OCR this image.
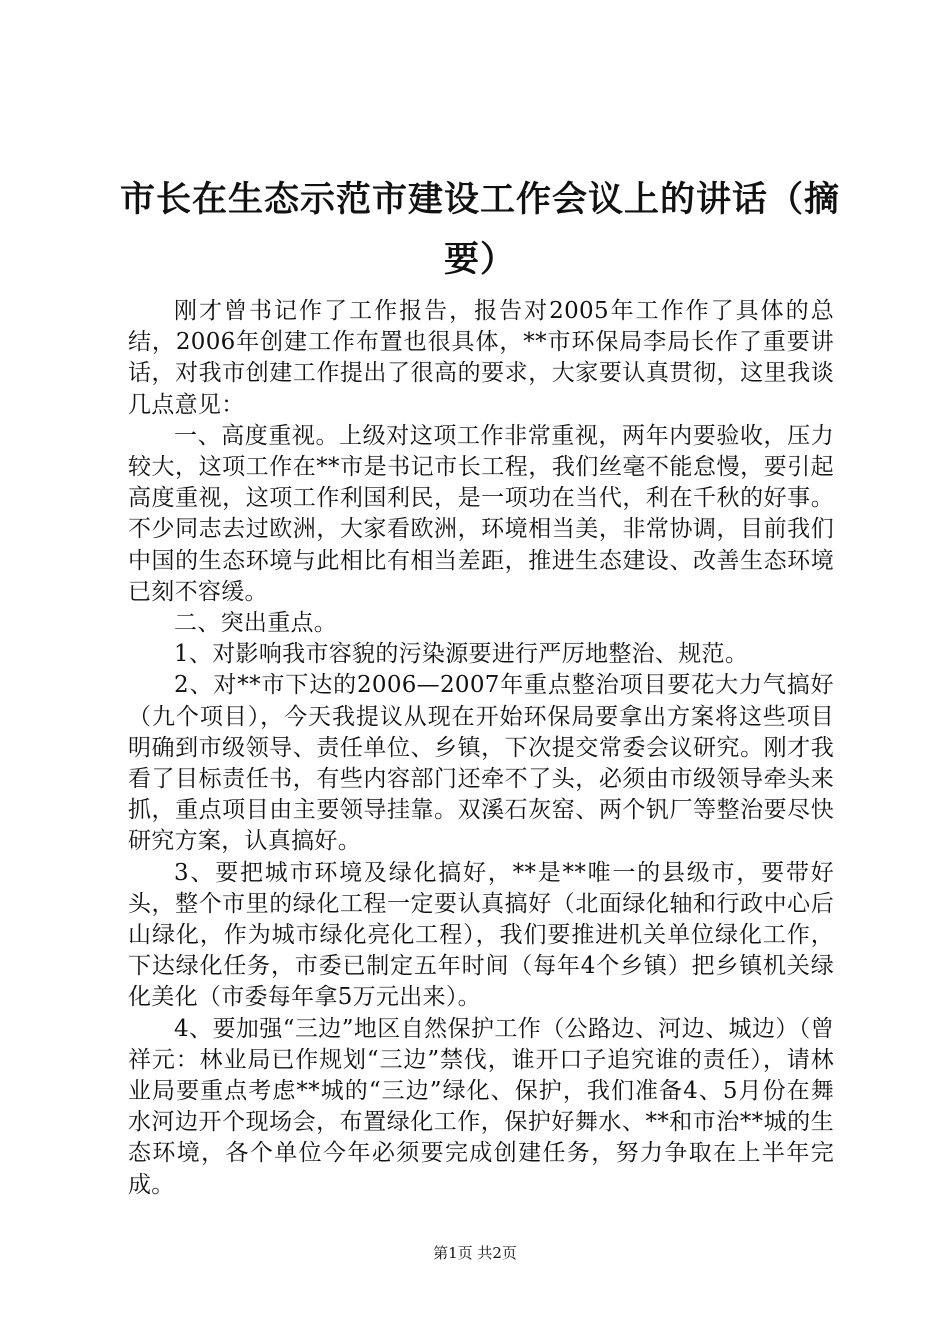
市长在生态示范市建设工作会议上的讲话（摘要）

刚才曾书记作了工作报告，报告对2005年工作作了具体的总结，2006年创建工作布置也很具体，**市环保局李局长作了重要讲话，对我市创建工作提出了很高的要求，大家要认真贯彻，这里我谈几点意见：

一、高度重视。上级对这项工作非常重视，两年内要验收，压力较大，这项工作在**市是书记市长工程，我们丝毫不能怠慢，要引起高度重视，这项工作利国利民，是一项功在当代，利在千秋的好事。不少同志去过欧洲，大家看欧洲，环境相当美，非常协调，目前我们中国的生态环境与此相比有相当差距，推进生态建设、改善生态环境已刻不容缓。

二、突出重点。

1、对影响我市容貌的污染源要进行严厉地整治、规范。

2、对**市下达的2006—2007年重点整治项目要花大力气搞好（九个项目），今天我提议从现在开始环保局要拿出方案将这些项目明确到市级领导、责任单位、乡镇，下次提交常委会议研究。刚才我看了目标责任书，有些内容部门还牵不了头，必须由市级领导牵头来抓，重点项目由主要领导挂靠。双溪石灰窑、两个钒厂等整治要尽快研究方案，认真搞好。

3、要把城市环境及绿化搞好，**是**唯一的县级市，要带好头，整个市里的绿化工程一定要认真搞好（北面绿化轴和行政中心后山绿化，作为城市绿化亮化工程），我们要推进机关单位绿化工作，下达绿化任务，市委已制定五年时间（每年4个乡镇）把乡镇机关绿化美化（市委每年拿5万元出来）。

4、要加强“三边”地区自然保护工作（公路边、河边、城边）（曾祥元：林业局已作规划“三边”禁伐，谁开口子追究谁的责任），请林业局要重点考虑**城的“三边”绿化、保护，我们准备4、5月份在舞水河边开个现场会，布置绿化工作，保护好舞水、**和市治**城的生态环境，各个单位今年必须要完成创建任务，努力争取在上半年完成。

第1页 共2页
